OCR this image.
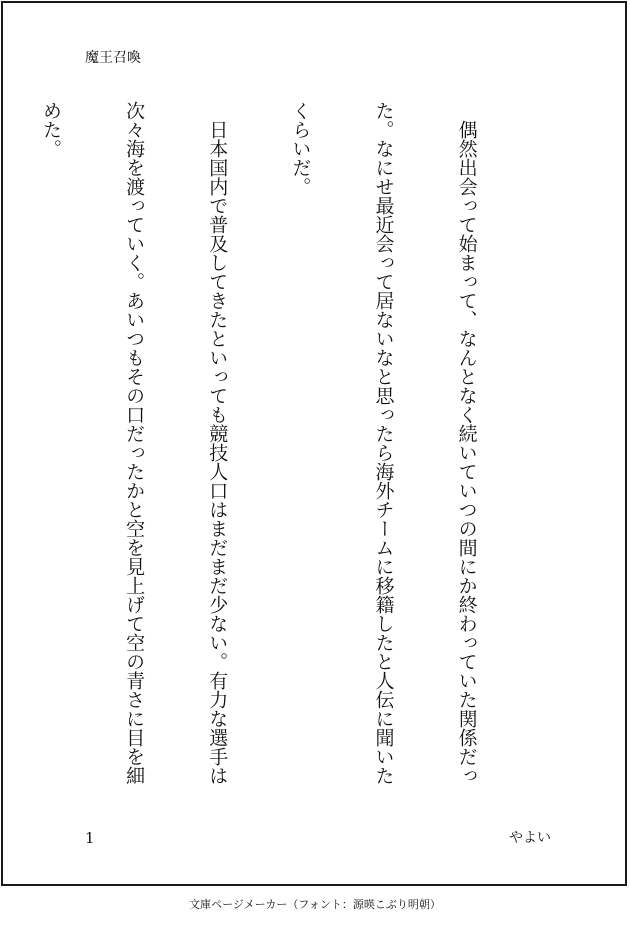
魔王召喚

　偶然出会って始まって、なんとなく続いていつの間にか終わっていた関係だっ

た。なにせ最近会って居ないなと思ったら海外チームに移籍したと人伝に聞いた

くらいだ。

　日本国内で普及してきたといっても競技人口はまだまだ少ない。有力な選手は

次々海を渡っていく。あいつもその口だったかと空を見上げて空の青さに目を細

めた。

1	やよい
文庫ページメーカー（フォント：源暎こぶり明朝）
